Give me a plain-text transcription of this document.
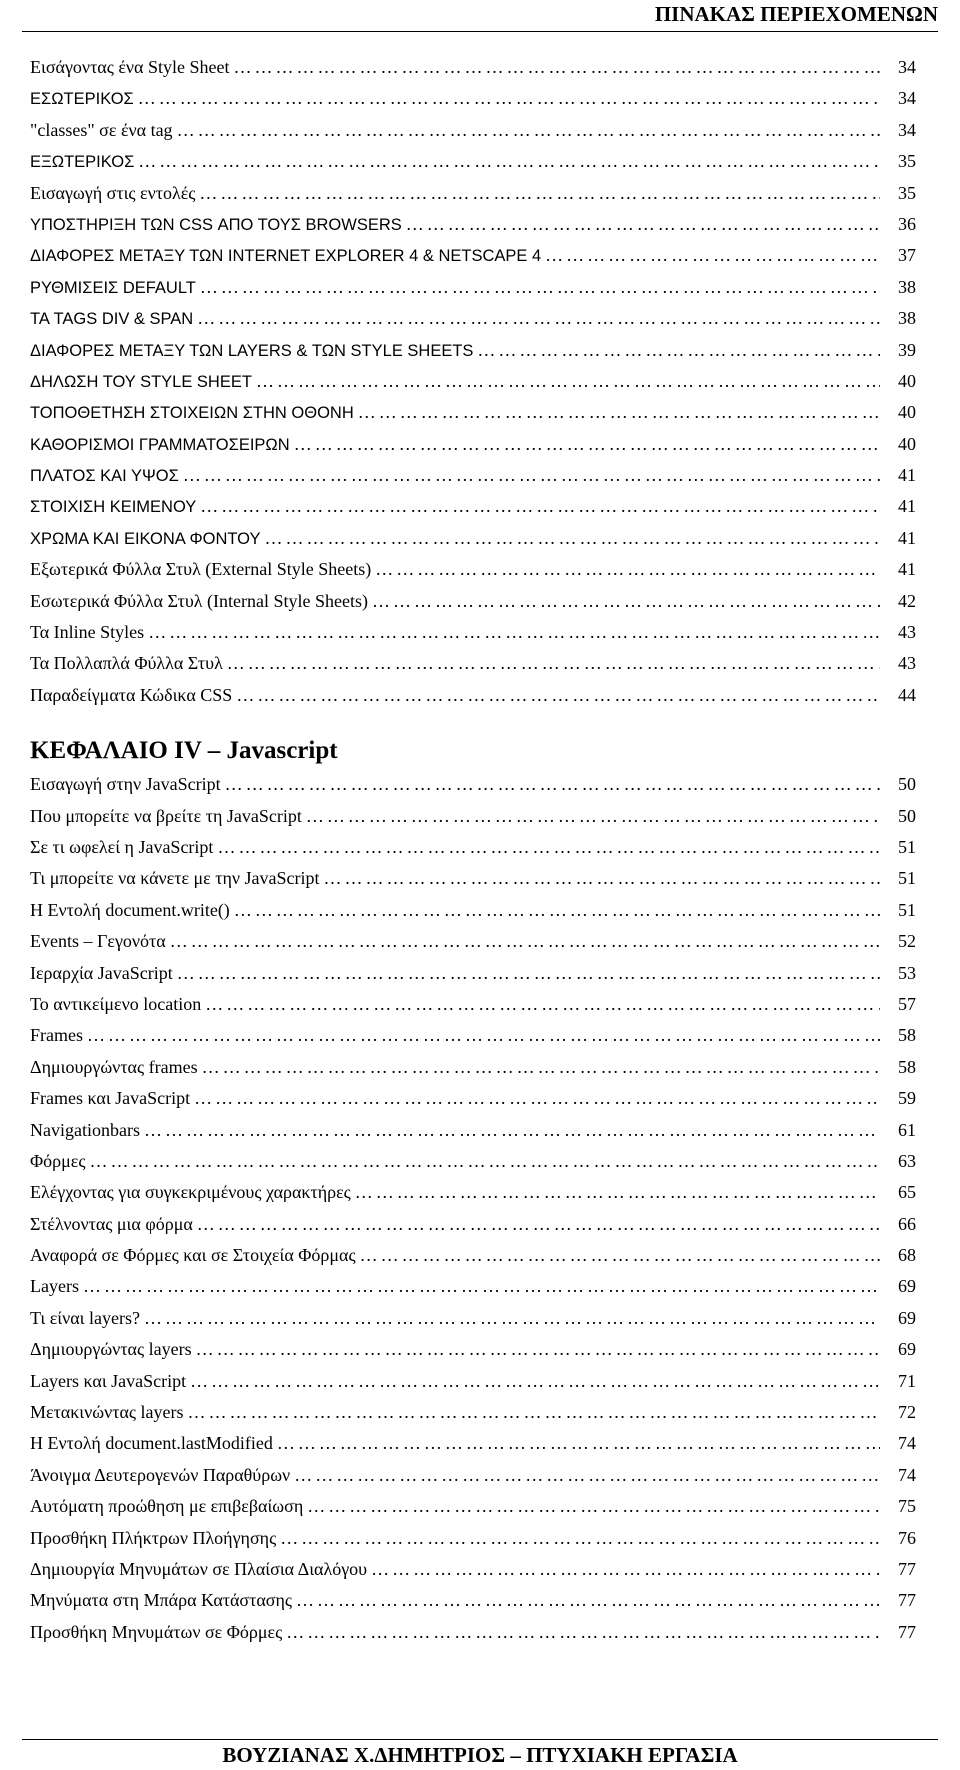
ΠΙΝΑΚΑΣ ΠΕΡΙΕΧΟΜΕΝΩΝ
Εισάγοντας ένα Style Sheet ……………………………………………………………………………………………………………………………………………………	34
ΕΣΩΤΕΡΙΚΟΣ ……………………………………………………………………………………………………………………………………………………	34
"classes" σε ένα tag ……………………………………………………………………………………………………………………………………………………	34
ΕΞΩΤΕΡΙΚΟΣ ……………………………………………………………………………………………………………………………………………………	35
Εισαγωγή στις εντολές ……………………………………………………………………………………………………………………………………………………	35
ΥΠΟΣΤΗΡΙΞΗ ΤΩΝ CSS ΑΠΟ ΤΟΥΣ BROWSERS ……………………………………………………………………………………………………………………………………………………	36
ΔΙΑΦΟΡΕΣ ΜΕΤΑΞΥ ΤΩΝ INTERNET EXPLORER 4 & NETSCAPE 4 ……………………………………………………………………………………………………………………………………………………	37
ΡΥΘΜΙΣΕΙΣ DEFAULT ……………………………………………………………………………………………………………………………………………………	38
ΤΑ TAGS DIV & SPAN ……………………………………………………………………………………………………………………………………………………	38
ΔΙΑΦΟΡΕΣ ΜΕΤΑΞΥ ΤΩΝ LAYERS & ΤΩΝ STYLE SHEETS ……………………………………………………………………………………………………………………………………………………	39
ΔΗΛΩΣΗ ΤΟΥ STYLE SHEET ……………………………………………………………………………………………………………………………………………………	40
ΤΟΠΟΘΕΤΗΣΗ ΣΤΟΙΧΕΙΩΝ ΣΤΗΝ ΟΘΟΝΗ ……………………………………………………………………………………………………………………………………………………	40
ΚΑΘΟΡΙΣΜΟΙ ΓΡΑΜΜΑΤΟΣΕΙΡΩΝ ……………………………………………………………………………………………………………………………………………………	40
ΠΛΑΤΟΣ ΚΑΙ ΥΨΟΣ ……………………………………………………………………………………………………………………………………………………	41
ΣΤΟΙΧΙΣΗ ΚΕΙΜΕΝΟΥ ……………………………………………………………………………………………………………………………………………………	41
ΧΡΩΜΑ ΚΑΙ ΕΙΚΟΝΑ ΦΟΝΤΟΥ ……………………………………………………………………………………………………………………………………………………	41
Εξωτερικά Φύλλα Στυλ (External Style Sheets) ……………………………………………………………………………………………………………………………………………………	41
Εσωτερικά Φύλλα Στυλ (Internal Style Sheets) ……………………………………………………………………………………………………………………………………………………	42
Τα Inline Styles ……………………………………………………………………………………………………………………………………………………	43
Τα Πολλαπλά Φύλλα Στυλ ……………………………………………………………………………………………………………………………………………………	43
Παραδείγματα Κώδικα CSS ……………………………………………………………………………………………………………………………………………………	44
ΚΕΦΑΛΑΙΟ IV – Javascript
Εισαγωγή στην JavaScript ……………………………………………………………………………………………………………………………………………………	50
Που μπορείτε να βρείτε τη JavaScript ……………………………………………………………………………………………………………………………………………………	50
Σε τι ωφελεί η JavaScript ……………………………………………………………………………………………………………………………………………………	51
Τι μπορείτε να κάνετε με την JavaScript ……………………………………………………………………………………………………………………………………………………	51
Η Εντολή document.write() ……………………………………………………………………………………………………………………………………………………	51
Events – Γεγονότα ……………………………………………………………………………………………………………………………………………………	52
Ιεραρχία JavaScript ……………………………………………………………………………………………………………………………………………………	53
Το αντικείμενο location ……………………………………………………………………………………………………………………………………………………	57
Frames ……………………………………………………………………………………………………………………………………………………	58
Δημιουργώντας frames ……………………………………………………………………………………………………………………………………………………	58
Frames και JavaScript ……………………………………………………………………………………………………………………………………………………	59
Navigationbars ……………………………………………………………………………………………………………………………………………………	61
Φόρμες ……………………………………………………………………………………………………………………………………………………	63
Ελέγχοντας για συγκεκριμένους χαρακτήρες ……………………………………………………………………………………………………………………………………………………	65
Στέλνοντας μια φόρμα ……………………………………………………………………………………………………………………………………………………	66
Αναφορά σε Φόρμες και σε Στοιχεία Φόρμας ……………………………………………………………………………………………………………………………………………………	68
Layers ……………………………………………………………………………………………………………………………………………………	69
Τι είναι layers? ……………………………………………………………………………………………………………………………………………………	69
Δημιουργώντας layers ……………………………………………………………………………………………………………………………………………………	69
Layers και JavaScript ……………………………………………………………………………………………………………………………………………………	71
Μετακινώντας layers ……………………………………………………………………………………………………………………………………………………	72
Η Εντολή document.lastModified ……………………………………………………………………………………………………………………………………………………	74
Άνοιγμα Δευτερογενών Παραθύρων ……………………………………………………………………………………………………………………………………………………	74
Αυτόματη προώθηση με επιβεβαίωση ……………………………………………………………………………………………………………………………………………………	75
Προσθήκη Πλήκτρων Πλοήγησης ……………………………………………………………………………………………………………………………………………………	76
Δημιουργία Μηνυμάτων σε Πλαίσια Διαλόγου ……………………………………………………………………………………………………………………………………………………	77
Μηνύματα στη Μπάρα Κατάστασης ……………………………………………………………………………………………………………………………………………………	77
Προσθήκη Μηνυμάτων σε Φόρμες ……………………………………………………………………………………………………………………………………………………	77
ΒΟΥΖΙΑΝΑΣ Χ.ΔΗΜΗΤΡΙΟΣ – ΠΤΥΧΙΑΚΗ ΕΡΓΑΣΙΑ
